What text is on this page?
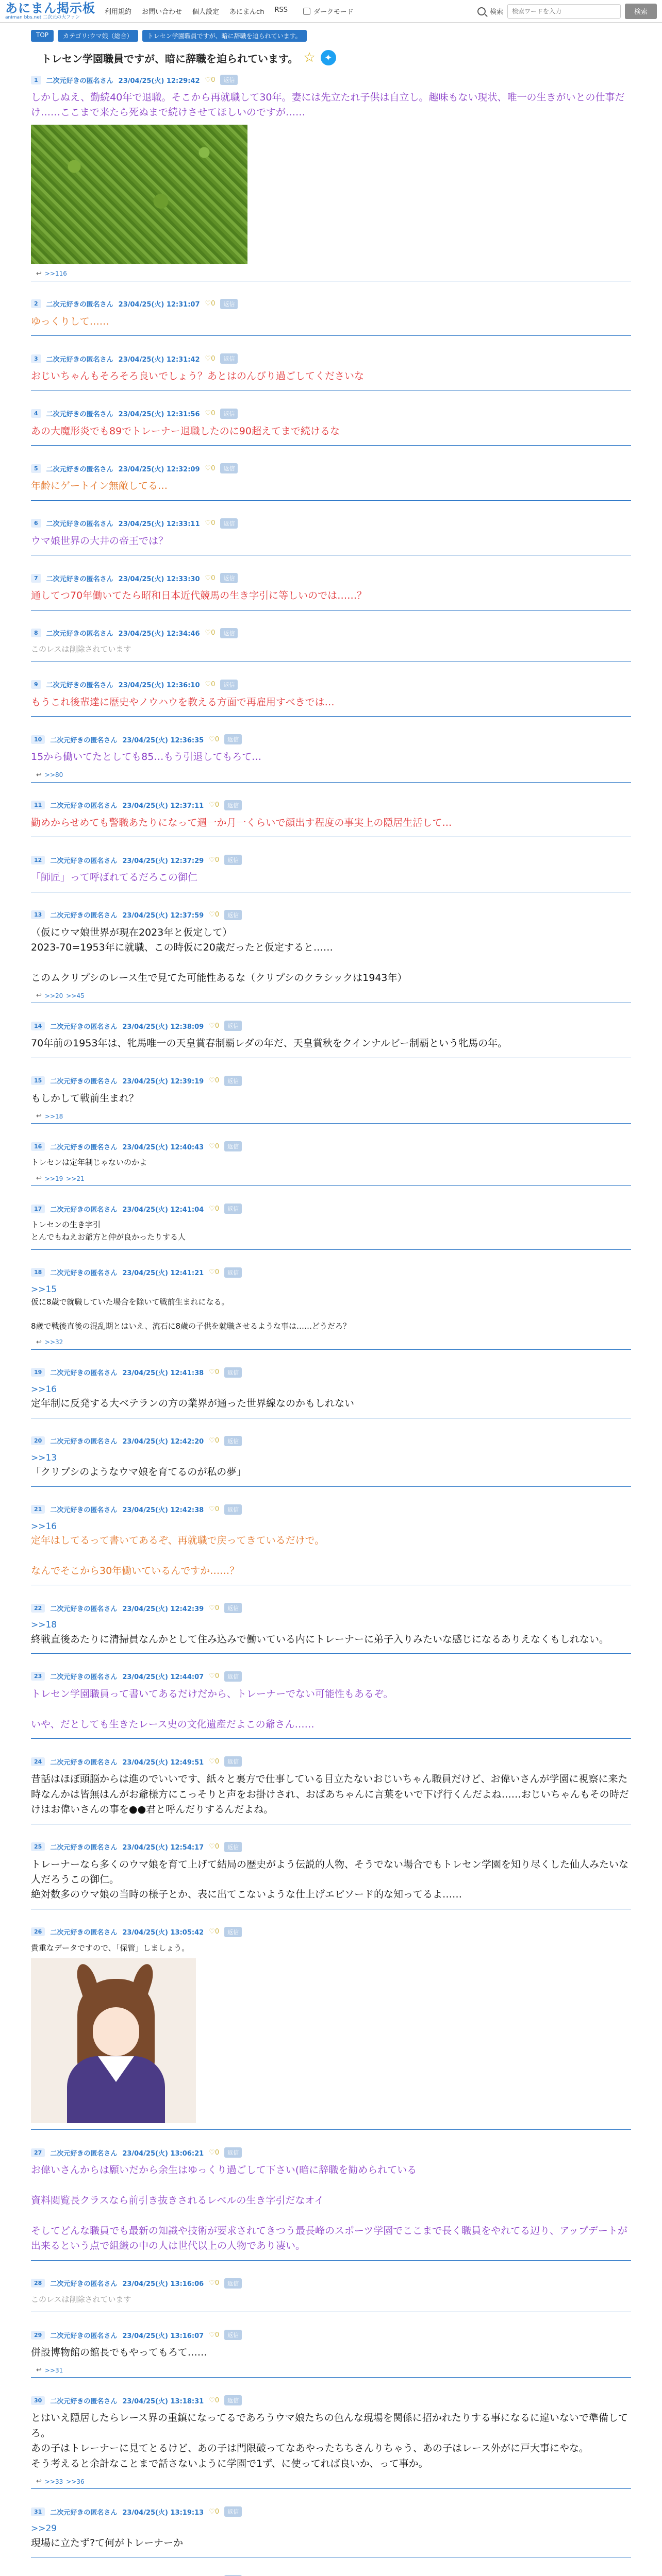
あにまん掲示板
animan bbs.net 二次元の大ファン
利用規約 お問い合わせ 個人設定 あにまんch RSS	ダークモード	検索
検索ワードを入力	検索
TOP	カテゴリ:ウマ娘（総合）	トレセン学園職員ですが、暗に辞職を迫られています。
トレセン学園職員ですが、暗に辞職を迫られています。 ☆ ✦
1	二次元好きの匿名さん 23/04/25(火) 12:29:42 ♡0	返信

しかしぬえ、勤続40年で退職。そこから再就職して30年。妻には先立たれ子供は自立し。趣味もない現状、唯一の生きがいとの仕事だけ……ここまで来たら死ぬまで続けさせてほしいのですが……

↩ >>116
2	二次元好きの匿名さん 23/04/25(火) 12:31:07 ♡0	返信

ゆっくりして……

3	二次元好きの匿名さん 23/04/25(火) 12:31:42 ♡0	返信

おじいちゃんもそろそろ良いでしょう？あとはのんびり過ごしてくださいな

4	二次元好きの匿名さん 23/04/25(火) 12:31:56 ♡0	返信

あの大魔形炎でも89でトレーナー退職したのに90超えてまで続けるな

5	二次元好きの匿名さん 23/04/25(火) 12:32:09 ♡0	返信

年齢にゲートイン無敵してる…

6	二次元好きの匿名さん 23/04/25(火) 12:33:11 ♡0	返信

ウマ娘世界の大井の帝王では？

7	二次元好きの匿名さん 23/04/25(火) 12:33:30 ♡0	返信

通してつ70年働いてたら昭和日本近代競馬の生き字引に等しいのでは……？

8	二次元好きの匿名さん 23/04/25(火) 12:34:46 ♡0	返信

このレスは削除されています

9	二次元好きの匿名さん 23/04/25(火) 12:36:10 ♡0	返信

もうこれ後輩達に歴史やノウハウを教える方面で再雇用すべきでは…

10	二次元好きの匿名さん 23/04/25(火) 12:36:35 ♡0	返信

15から働いてたとしても85…もう引退してもろて…

↩ >>80
11	二次元好きの匿名さん 23/04/25(火) 12:37:11 ♡0	返信

勤めからせめても警職あたりになって週一か月一くらいで顔出す程度の事実上の隠居生活して…

12	二次元好きの匿名さん 23/04/25(火) 12:37:29 ♡0	返信

「師匠」って呼ばれてるだろこの御仁

13	二次元好きの匿名さん 23/04/25(火) 12:37:59 ♡0	返信

（仮にウマ娘世界が現在2023年と仮定して）

2023-70=1953年に就職、この時仮に20歳だったと仮定すると……

このムクリプシのレース生で見てた可能性あるな（クリプシのクラシックは1943年）

↩ >>20 >>45
14	二次元好きの匿名さん 23/04/25(火) 12:38:09 ♡0	返信

70年前の1953年は、牝馬唯一の天皇賞春制覇レダの年だ、天皇賞秋をクインナルビー制覇という牝馬の年。

15	二次元好きの匿名さん 23/04/25(火) 12:39:19 ♡0	返信

もしかして戦前生まれ？

↩ >>18
16	二次元好きの匿名さん 23/04/25(火) 12:40:43 ♡0	返信

トレセンは定年制じゃないのかよ

↩ >>19 >>21
17	二次元好きの匿名さん 23/04/25(火) 12:41:04 ♡0	返信

トレセンの生き字引

とんでもねえお爺方と仲が良かったりする人

18	二次元好きの匿名さん 23/04/25(火) 12:41:21 ♡0	返信

>>15

仮に8歳で就職していた場合を除いて戦前生まれになる。

8歳で戦後直後の混乱期とはいえ、流石に8歳の子供を就職させるような事は……どうだろ？

↩ >>32
19	二次元好きの匿名さん 23/04/25(火) 12:41:38 ♡0	返信

>>16

定年制に反発する大ベテランの方の業界が通った世界線なのかもしれない

20	二次元好きの匿名さん 23/04/25(火) 12:42:20 ♡0	返信

>>13

「クリプシのようなウマ娘を育てるのが私の夢」

21	二次元好きの匿名さん 23/04/25(火) 12:42:38 ♡0	返信

>>16

定年はしてるって書いてあるぞ、再就職で戻ってきているだけで。

なんでそこから30年働いているんですか……？

22	二次元好きの匿名さん 23/04/25(火) 12:42:39 ♡0	返信

>>18

終戦直後あたりに清掃員なんかとして住み込みで働いている内にトレーナーに弟子入りみたいな感じになるありえなくもしれない。

23	二次元好きの匿名さん 23/04/25(火) 12:44:07 ♡0	返信

トレセン学園職員って書いてあるだけだから、トレーナーでない可能性もあるぞ。

いや、だとしても生きたレース史の文化遺産だよこの爺さん……

24	二次元好きの匿名さん 23/04/25(火) 12:49:51 ♡0	返信

昔話はほぼ頭脳からは進のでいいです、紙々と裏方で仕事している目立たないおじいちゃん職員だけど、お偉いさんが学園に視察に来た時なんかは皆無はんがお爺様方にこっそりと声をお掛けされ、おばあちゃんに言葉をいで下げ行くんだよね……おじいちゃんもその時だけはお偉いさんの事を●●君と呼んだりするんだよね。

25	二次元好きの匿名さん 23/04/25(火) 12:54:17 ♡0	返信

トレーナーなら多くのウマ娘を育て上げて結局の歴史がよう伝説的人物、そうでない場合でもトレセン学園を知り尽くした仙人みたいな人だろうこの御仁。

絶対数多のウマ娘の当時の様子とか、表に出てこないような仕上げエピソード的な知ってるよ……

26	二次元好きの匿名さん 23/04/25(火) 13:05:42 ♡0	返信

貴重なデータですので、「保管」しましょう。

27	二次元好きの匿名さん 23/04/25(火) 13:06:21 ♡0	返信

お偉いさんからは願いだから余生はゆっくり過ごして下さい(暗に辞職を勧められている

資料閲覧長クラスなら前引き抜きされるレベルの生き字引だなオイ

そしてどんな職員でも最新の知識や技術が要求されてきつう最長峰のスポーツ学園でここまで長く職員をやれてる辺り、アップデートが出来るという点で組織の中の人は世代以上の人物であり凄い。

28	二次元好きの匿名さん 23/04/25(火) 13:16:06 ♡0	返信

このレスは削除されています

29	二次元好きの匿名さん 23/04/25(火) 13:16:07 ♡0	返信

併設博物館の館長でもやってもろて……

↩ >>31
30	二次元好きの匿名さん 23/04/25(火) 13:18:31 ♡0	返信

とはいえ隠居したらレース界の重鎮になってるであろうウマ娘たちの色んな現場を関係に招かれたりする事になるに違いないで準備してろ。

あの子はトレーナーに見てとるけど、あの子は門限破ってなあやったちちさんりちゃう、あの子はレース外がに戸大事にやな。

そう考えると余計なことまで話さないように学園で1ず、に使ってれば良いか、って事か。

↩ >>33 >>36
31	二次元好きの匿名さん 23/04/25(火) 13:19:13 ♡0	返信

>>29

現場に立たず?て何がトレーナーか
